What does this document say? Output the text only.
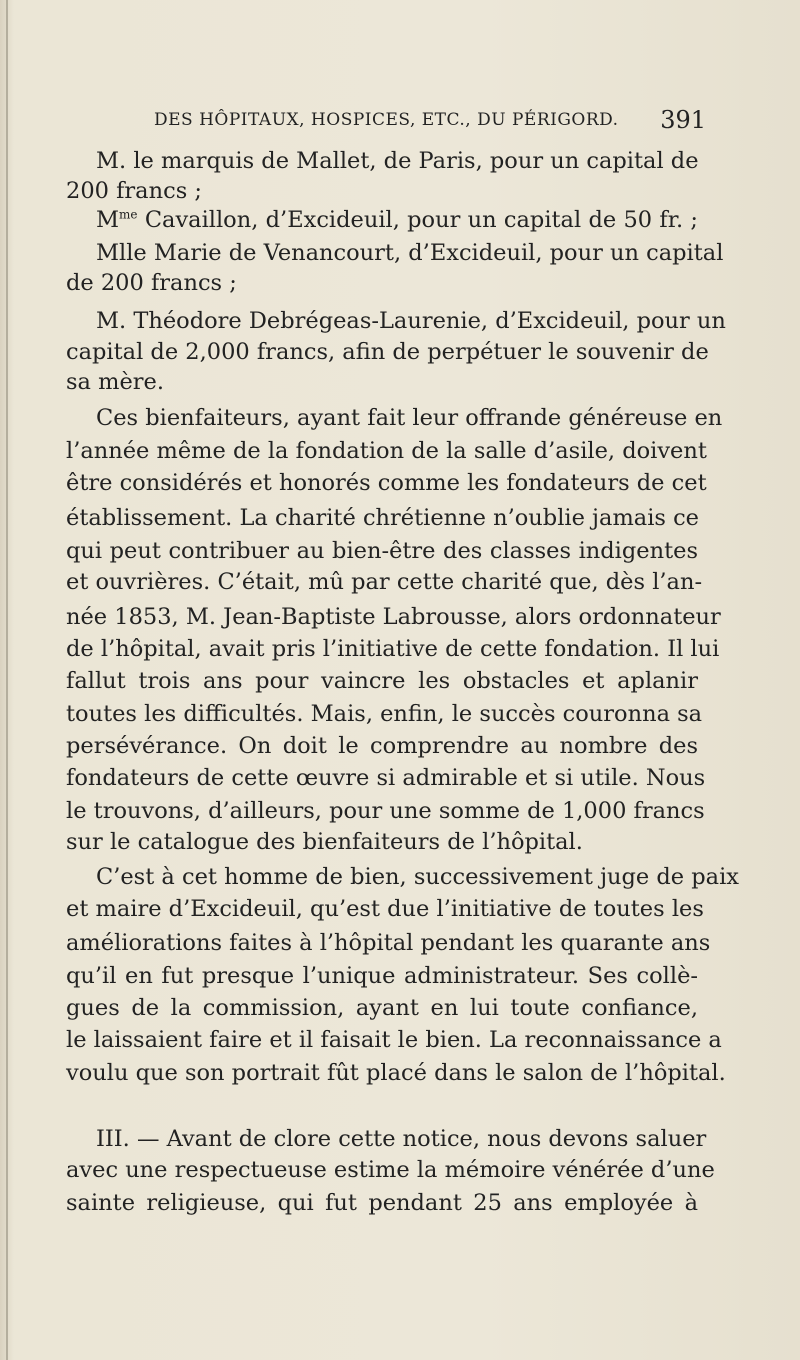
DES HÔPITAUX, HOSPICES, ETC., DU PÉRIGORD. 391
M. le marquis de Mallet, de Paris, pour un capital de
200 francs ;
$M^{me}$ Cavaillon, d’Excideuil, pour un capital de 50 fr. ;
Mlle Marie de Venancourt, d’Excideuil, pour un capital
de 200 francs ;
M. Théodore Debrégeas-Laurenie, d’Excideuil, pour un
capital de 2,000 francs, afin de perpétuer le souvenir de
sa mère.
Ces bienfaiteurs, ayant fait leur offrande généreuse en
l’année même de la fondation de la salle d’asile, doivent
être considérés et honorés comme les fondateurs de cet
établissement. La charité chrétienne n’oublie jamais ce
qui peut contribuer au bien-être des classes indigentes
et ouvrières. C’était, mû par cette charité que, dès l’an-
née 1853, M. Jean-Baptiste Labrousse, alors ordonnateur
de l’hôpital, avait pris l’initiative de cette fondation. Il lui
fallut trois ans pour vaincre les obstacles et aplanir
toutes les difficultés. Mais, enfin, le succès couronna sa
persévérance. On doit le comprendre au nombre des
fondateurs de cette œuvre si admirable et si utile. Nous
le trouvons, d’ailleurs, pour une somme de 1,000 francs
sur le catalogue des bienfaiteurs de l’hôpital.
C’est à cet homme de bien, successivement juge de paix
et maire d’Excideuil, qu’est due l’initiative de toutes les
améliorations faites à l’hôpital pendant les quarante ans
qu’il en fut presque l’unique administrateur. Ses collè-
gues de la commission, ayant en lui toute confiance,
le laissaient faire et il faisait le bien. La reconnaissance a
voulu que son portrait fût placé dans le salon de l’hôpital.
III. — Avant de clore cette notice, nous devons saluer
avec une respectueuse estime la mémoire vénérée d’une
sainte religieuse, qui fut pendant 25 ans employée à
